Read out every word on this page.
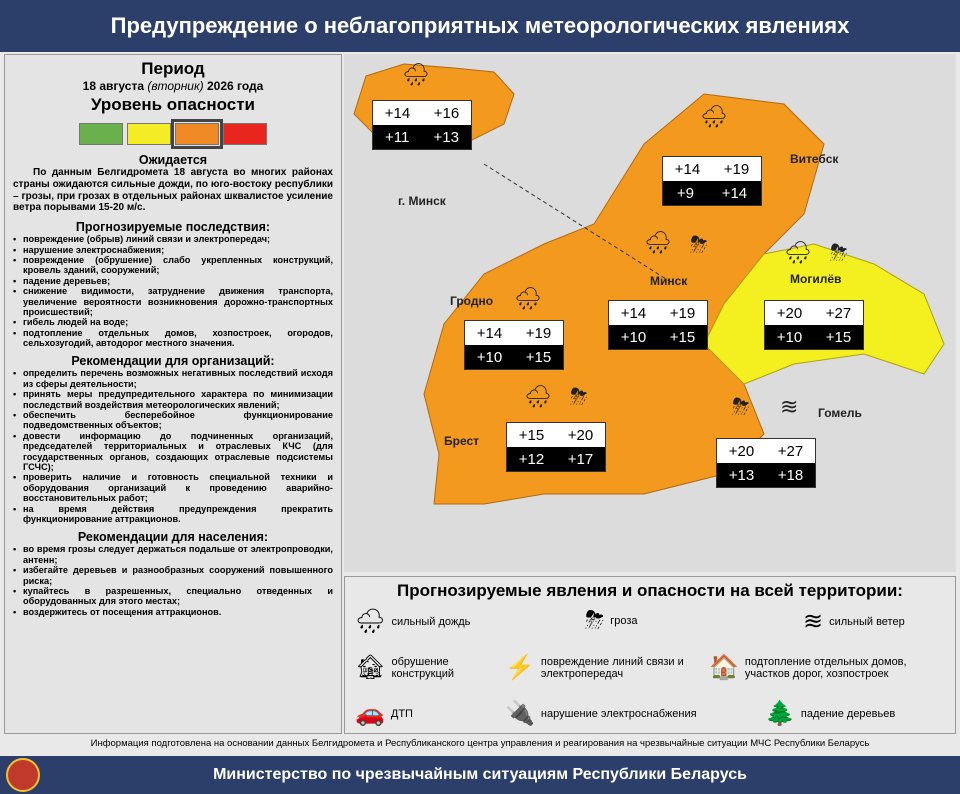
Предупреждение о неблагоприятных метеорологических явлениях
Период
18 августа (вторник) 2026 года
Уровень опасности
Ожидается

По данным Белгидромета 18 августа во многих районах страны ожидаются сильные дожди, по юго-востоку республики – грозы, при грозах в отдельных районах шквалистое усиление ветра порывами 15-20 м/с.

Прогнозируемые последствия:
• повреждение (обрыв) линий связи и электропередач;
• нарушение электроснабжения;
• повреждение (обрушение) слабо укрепленных конструкций, кровель зданий, сооружений;
• падение деревьев;
• снижение видимости, затруднение движения транспорта, увеличение вероятности возникновения дорожно-транспортных происшествий;
• гибель людей на воде;
• подтопление отдельных домов, хозпостроек, огородов, сельхозугодий, автодорог местного значения.
Рекомендации для организаций:
• определить перечень возможных негативных последствий исходя из сферы деятельности;
• принять меры предупредительного характера по минимизации последствий воздействия метеорологических явлений;
• обеспечить бесперебойное функционирование подведомственных объектов;
• довести информацию до подчиненных организаций, председателей территориальных и отраслевых КЧС (для государственных органов, создающих отраслевые подсистемы ГСЧС);
• проверить наличие и готовность специальной техники и оборудования организаций к проведению аварийно-восстановительных работ;
• на время действия предупреждения прекратить функционирование аттракционов.
Рекомендации для населения:
• во время грозы следует держаться подальше от электропроводки, антенн;
• избегайте деревьев и разнообразных сооружений повышенного риска;
• купайтесь в разрешенных, специально отведенных и оборудованных для этого местах;
• воздержитесь от посещения аттракционов.
Витебск
г. Минск
Минск	Могилёв
Гродно
Брест
Гомель
🌧
🌧
🌧 ⛈	🌧 ⛈
🌧
🌧 ⛈	⛈ ≋
+14 +16
+11 +13
+14 +19
+9 +14
+14 +19
+10 +15
+20 +27
+10 +15
+14 +19
+10 +15
+15 +20
+12 +17	+20 +27
+13 +18
Прогнозируемые явления и опасности на всей территории:
🌧 сильный дождь	⛈ гроза	≋ сильный ветер
🏚 обрушение конструкций	⚡ повреждение линий связи и электропередач	🏠 подтопление отдельных домов, участков дорог, хозпостроек
🚗 ДТП	🔌 нарушение электроснабжения	🌲 падение деревьев
Информация подготовлена на основании данных Белгидромета и Республиканского центра управления и реагирования на чрезвычайные ситуации МЧС Республики Беларусь
Министерство по чрезвычайным ситуациям Республики Беларусь
